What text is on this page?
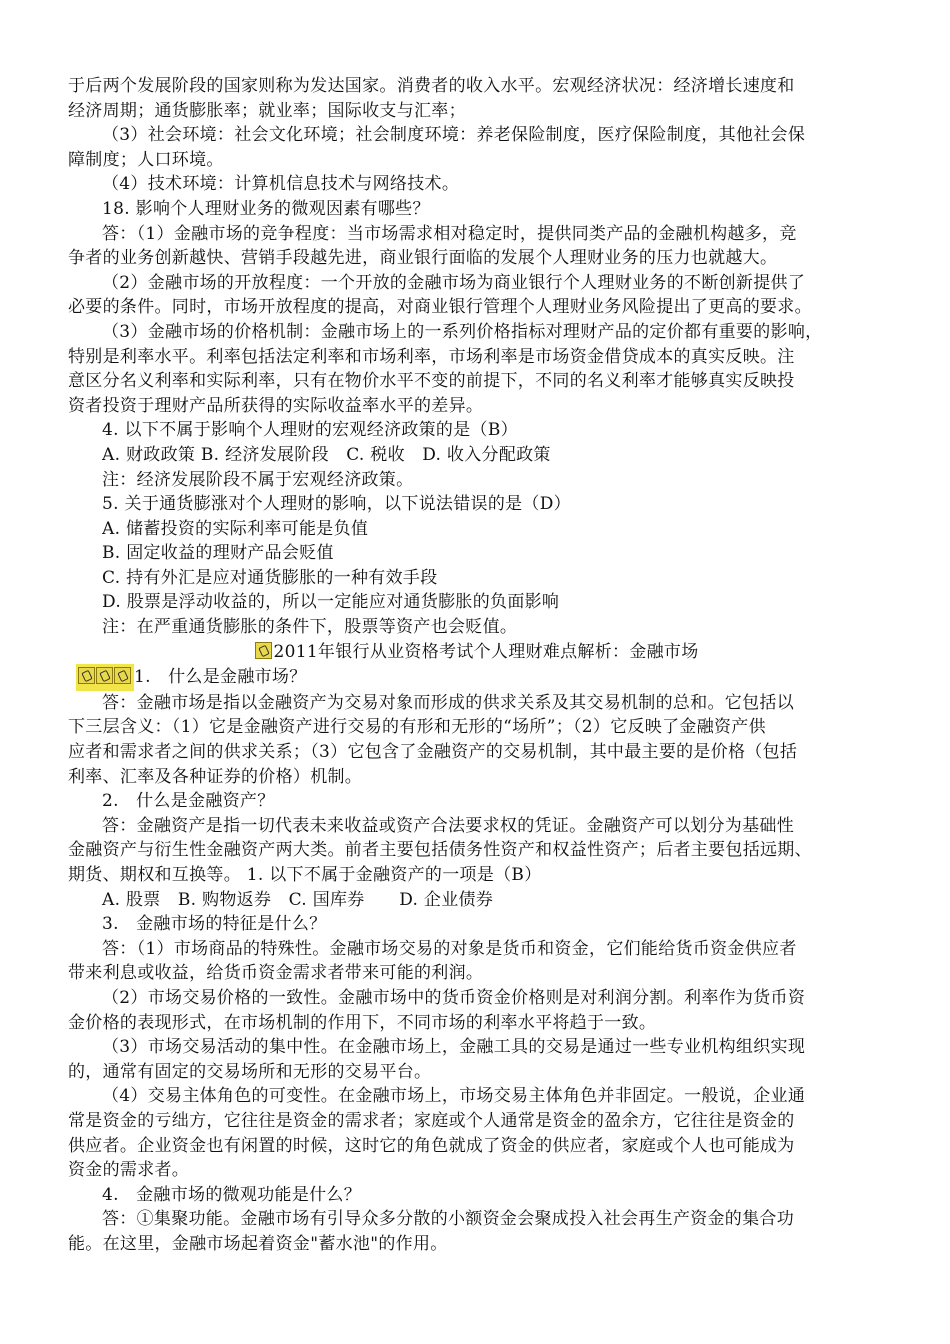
于后两个发展阶段的国家则称为发达国家。消费者的收入水平。宏观经济状况：经济增长速度和
经济周期；通货膨胀率；就业率；国际收支与汇率；
（3）社会环境：社会文化环境；社会制度环境：养老保险制度，医疗保险制度，其他社会保
障制度；人口环境。
（4）技术环境：计算机信息技术与网络技术。
18. 影响个人理财业务的微观因素有哪些？
答：（1）金融市场的竞争程度：当市场需求相对稳定时，提供同类产品的金融机构越多，竞
争者的业务创新越快、营销手段越先进，商业银行面临的发展个人理财业务的压力也就越大。
（2）金融市场的开放程度：一个开放的金融市场为商业银行个人理财业务的不断创新提供了
必要的条件。同时，市场开放程度的提高，对商业银行管理个人理财业务风险提出了更高的要求。
（3）金融市场的价格机制：金融市场上的一系列价格指标对理财产品的定价都有重要的影响，
特别是利率水平。利率包括法定利率和市场利率，市场利率是市场资金借贷成本的真实反映。注
意区分名义利率和实际利率，只有在物价水平不变的前提下，不同的名义利率才能够真实反映投
资者投资于理财产品所获得的实际收益率水平的差异。
4. 以下不属于影响个人理财的宏观经济政策的是（B）
A. 财政政策 B. 经济发展阶段　C. 税收　D. 收入分配政策
注：经济发展阶段不属于宏观经济政策。
5. 关于通货膨涨对个人理财的影响，以下说法错误的是（D）
A. 储蓄投资的实际利率可能是负值
B. 固定收益的理财产品会贬值
C. 持有外汇是应对通货膨胀的一种有效手段
D. 股票是浮动收益的，所以一定能应对通货膨胀的负面影响
注：在严重通货膨胀的条件下，股票等资产也会贬值。
2011年银行从业资格考试个人理财难点解析：金融市场
1.　什么是金融市场？
答：金融市场是指以金融资产为交易对象而形成的供求关系及其交易机制的总和。它包括以
下三层含义：（1）它是金融资产进行交易的有形和无形的“场所”；（2）它反映了金融资产供
应者和需求者之间的供求关系；（3）它包含了金融资产的交易机制，其中最主要的是价格（包括
利率、汇率及各种证券的价格）机制。
2.　什么是金融资产？
答：金融资产是指一切代表未来收益或资产合法要求权的凭证。金融资产可以划分为基础性
金融资产与衍生性金融资产两大类。前者主要包括债务性资产和权益性资产；后者主要包括远期、
期货、期权和互换等。 1. 以下不属于金融资产的一项是（B）
A. 股票　B. 购物返券　C. 国库券　　D. 企业债券
3.　金融市场的特征是什么？
答：（1）市场商品的特殊性。金融市场交易的对象是货币和资金，它们能给货币资金供应者
带来利息或收益，给货币资金需求者带来可能的利润。
（2）市场交易价格的一致性。金融市场中的货币资金价格则是对利润分割。利率作为货币资
金价格的表现形式，在市场机制的作用下，不同市场的利率水平将趋于一致。
（3）市场交易活动的集中性。在金融市场上，金融工具的交易是通过一些专业机构组织实现
的，通常有固定的交易场所和无形的交易平台。
（4）交易主体角色的可变性。在金融市场上，市场交易主体角色并非固定。一般说，企业通
常是资金的亏绌方，它往往是资金的需求者；家庭或个人通常是资金的盈余方，它往往是资金的
供应者。企业资金也有闲置的时候，这时它的角色就成了资金的供应者，家庭或个人也可能成为
资金的需求者。
4.　金融市场的微观功能是什么？
答：①集聚功能。金融市场有引导众多分散的小额资金会聚成投入社会再生产资金的集合功
能。在这里，金融市场起着资金"蓄水池"的作用。
